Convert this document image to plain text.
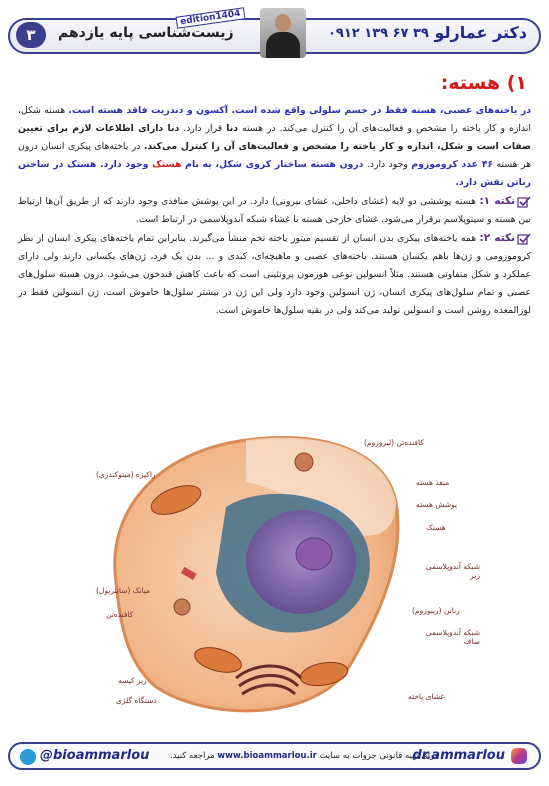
۳	زیست‌شناسی پایه یازدهم
edition1404
۰۹۱۲ ۱۳۹ ۶۷ ۳۹ دکتر عمارلو
۱) هسته:

در یاخته‌های عصبی، هسته فقط در جسم سلولی واقع شده است. آکسون و دندریت فاقد هسته است. هسته شکل، اندازه و کار یاخته را مشخص و فعالیت‌های آن را کنترل می‌کند. در هسته دنا قرار دارد. دنا دارای اطلاعات لازم برای تعیین صفات است و شکل، اندازه و کار یاخته را مشخص و فعالیت‌های آن را کنترل می‌کند. در یاخته‌های پیکری انسان درون هر هسته ۴۶ عدد کروموزوم وجود دارد. درون هسته ساختار کروی شکل، به نام هستک وجود دارد. هستک در ساختن رناتن نقش دارد.

نکته ۱: هسته پوششی دو لایه (غشای داخلی، غشای بیرونی) دارد. در این پوشش منافذی وجود دارند که از طریق آن‌ها ارتباط بین هسته و سیتوپلاسم برقرار می‌شود. غشای خارجی هسته با غشاء شبکه آندوپلاسمی در ارتباط است.

نکته ۲: همه یاخته‌های پیکری بدن انسان از تقسیم میتوز یاخته تخم منشأ می‌گیرند. بنابراین تمام یاخته‌های پیکری انسان از نظر کروموزومی و ژن‌ها باهم یکسان هستند. یاخته‌های عصبی و ماهیچه‌ای، کبدی و ... بدن یک فرد، ژن‌های یکسانی دارند ولی دارای عملکرد و شکل متفاوتی هستند. مثلاً انسولین نوعی هورمون پروتئینی است که باعث کاهش قندخون می‌شود. درون هسته سلول‌های عصبی و تمام سلول‌های پیکری انسان، ژن انسولین وجود دارد ولی این ژن در بیشتر سلول‌ها خاموش است، ژن انسولین فقط در لوزالمعده روشن است و انسولین تولید می‌کند ولی در بقیه سلول‌ها خاموش است.

کافنده‌تن (لیزوزوم)
راکیزه (میتوکندری)
منفذ هسته
پوشش هسته
هستک
شبکه آندوپلاسمی زبر
میانک (سانتریول)
کافنده‌تن	رناتن (ریبوزوم)
شبکه آندوپلاسمی صاف
ریز کیسه
دستگاه گلژی	غشای یاخته
@bioammarlou	برای تهیه قانونی جزوات به سایت www.bioammarlou.ir مراجعه کنید.	dr.ammarlou
